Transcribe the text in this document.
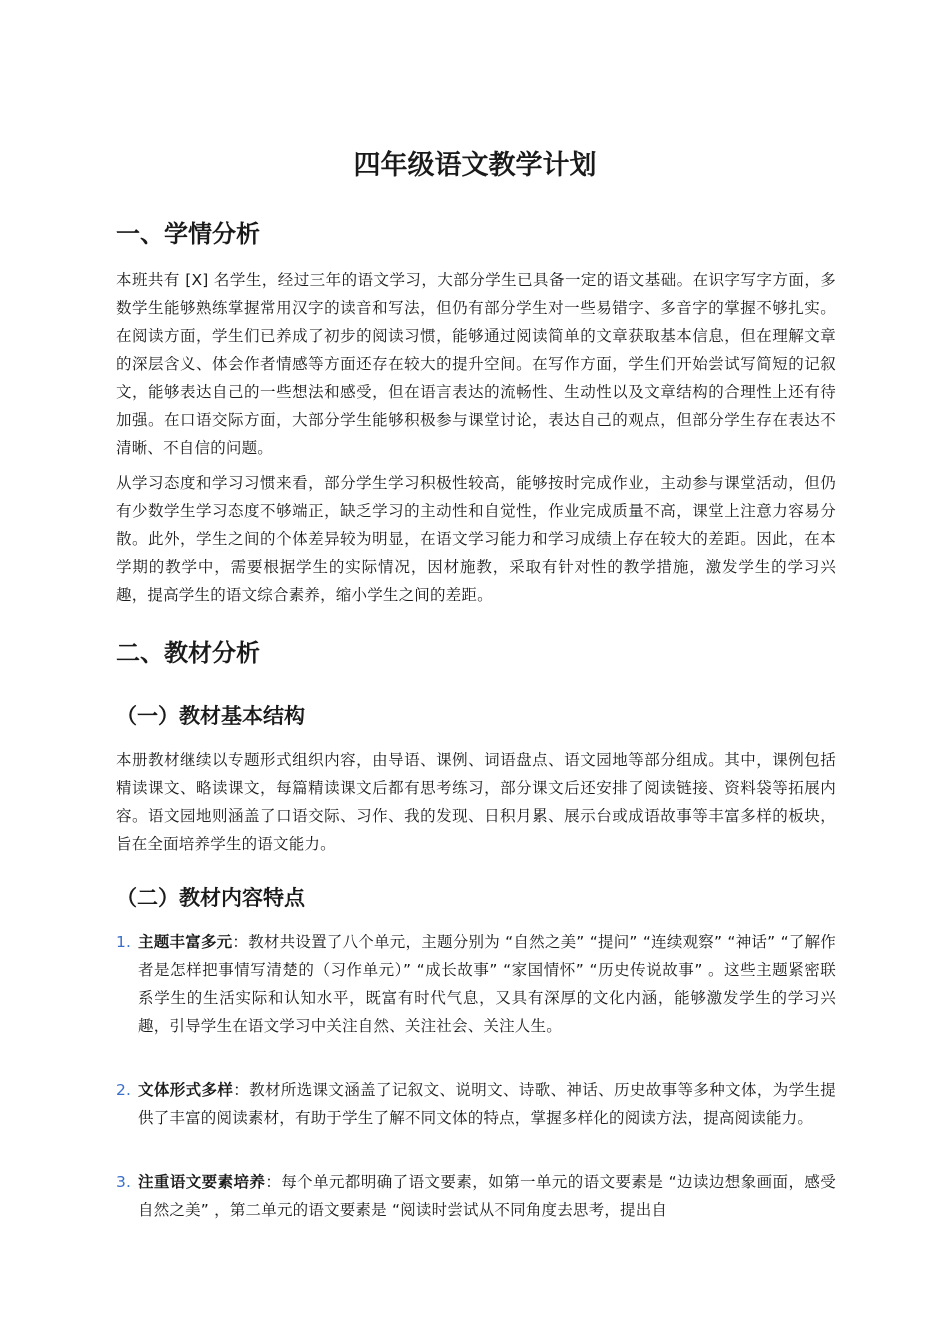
四年级语文教学计划
一、学情分析

本班共有 [X] 名学生，经过三年的语文学习，大部分学生已具备一定的语文基础。在识字写字方面，多数学生能够熟练掌握常用汉字的读音和写法，但仍有部分学生对一些易错字、多音字的掌握不够扎实。在阅读方面，学生们已养成了初步的阅读习惯，能够通过阅读简单的文章获取基本信息，但在理解文章的深层含义、体会作者情感等方面还存在较大的提升空间。在写作方面，学生们开始尝试写简短的记叙文，能够表达自己的一些想法和感受，但在语言表达的流畅性、生动性以及文章结构的合理性上还有待加强。在口语交际方面，大部分学生能够积极参与课堂讨论，表达自己的观点，但部分学生存在表达不清晰、不自信的问题。

从学习态度和学习习惯来看，部分学生学习积极性较高，能够按时完成作业，主动参与课堂活动，但仍有少数学生学习态度不够端正，缺乏学习的主动性和自觉性，作业完成质量不高，课堂上注意力容易分散。此外，学生之间的个体差异较为明显，在语文学习能力和学习成绩上存在较大的差距。因此，在本学期的教学中，需要根据学生的实际情况，因材施教，采取有针对性的教学措施，激发学生的学习兴趣，提高学生的语文综合素养，缩小学生之间的差距。

二、教材分析
（一）教材基本结构

本册教材继续以专题形式组织内容，由导语、课例、词语盘点、语文园地等部分组成。其中，课例包括精读课文、略读课文，每篇精读课文后都有思考练习，部分课文后还安排了阅读链接、资料袋等拓展内容。语文园地则涵盖了口语交际、习作、我的发现、日积月累、展示台或成语故事等丰富多样的板块，旨在全面培养学生的语文能力。

（二）教材内容特点
1. 主题丰富多元：教材共设置了八个单元，主题分别为 “自然之美” “提问” “连续观察” “神话” “了解作者是怎样把事情写清楚的（习作单元）” “成长故事” “家国情怀” “历史传说故事” 。这些主题紧密联系学生的生活实际和认知水平，既富有时代气息，又具有深厚的文化内涵，能够激发学生的学习兴趣，引导学生在语文学习中关注自然、关注社会、关注人生。
2. 文体形式多样：教材所选课文涵盖了记叙文、说明文、诗歌、神话、历史故事等多种文体，为学生提供了丰富的阅读素材，有助于学生了解不同文体的特点，掌握多样化的阅读方法，提高阅读能力。
3. 注重语文要素培养：每个单元都明确了语文要素，如第一单元的语文要素是 “边读边想象画面，感受自然之美” ，第二单元的语文要素是 “阅读时尝试从不同角度去思考，提出自
